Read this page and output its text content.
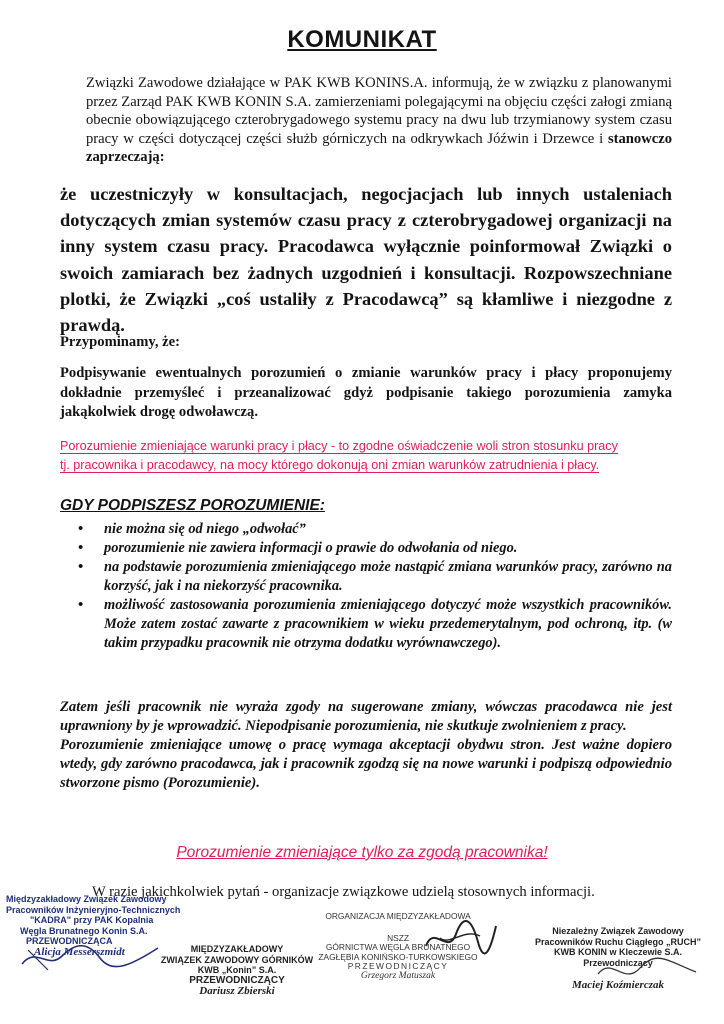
KOMUNIKAT
Związki Zawodowe działające w PAK KWB KONINS.A. informują, że w związku z planowanymi przez Zarząd PAK KWB KONIN S.A. zamierzeniami polegającymi na objęciu części załogi zmianą obecnie obowiązującego czterobrygadowego systemu pracy na dwu lub trzymianowy system czasu pracy w części dotyczącej części służb górniczych na odkrywkach Jóźwin i Drzewce i stanowczo zaprzeczają:
że uczestniczyły w konsultacjach, negocjacjach lub innych ustaleniach dotyczących zmian systemów czasu pracy z czterobrygadowej organizacji na inny system czasu pracy. Pracodawca wyłącznie poinformował Związki o swoich zamiarach bez żadnych uzgodnień i konsultacji. Rozpowszechniane plotki, że Związki „coś ustaliły z Pracodawcą” są kłamliwe i niezgodne z prawdą.
Przypominamy, że:
Podpisywanie ewentualnych porozumień o zmianie warunków pracy i płacy proponujemy dokładnie przemyśleć i przeanalizować gdyż podpisanie takiego porozumienia zamyka jakąkolwiek drogę odwoławczą.
Porozumienie zmieniające warunki pracy i płacy - to zgodne oświadczenie woli stron stosunku pracy
tj. pracownika i pracodawcy, na mocy którego dokonują oni zmian warunków zatrudnienia i płacy.
GDY PODPISZESZ POROZUMIENIE:
• nie można się od niego „odwołać”
• porozumienie nie zawiera informacji o prawie do odwołania od niego.
• na podstawie porozumienia zmieniającego może nastąpić zmiana warunków pracy, zarówno na korzyść, jak i na niekorzyść pracownika.
• możliwość zastosowania porozumienia zmieniającego dotyczyć może wszystkich pracowników. Może zatem zostać zawarte z pracownikiem w wieku przedemerytalnym, pod ochroną, itp. (w takim przypadku pracownik nie otrzyma dodatku wyrównawczego).

Zatem jeśli pracownik nie wyraża zgody na sugerowane zmiany, wówczas pracodawca nie jest uprawniony by je wprowadzić. Niepodpisanie porozumienia, nie skutkuje zwolnieniem z pracy.

Porozumienie zmieniające umowę o pracę wymaga akceptacji obydwu stron. Jest ważne dopiero wtedy, gdy zarówno pracodawca, jak i pracownik zgodzą się na nowe warunki i podpiszą odpowiednio stworzone pismo (Porozumienie).

Porozumienie zmieniające tylko za zgodą pracownika!
W razie jakichkolwiek pytań - organizacje związkowe udzielą stosownych informacji.
Międzyzakładowy Związek Zawodowy
Pracowników Inżynieryjno-Technicznych
"KADRA" przy PAK Kopalnia
Węgla Brunatnego Konin S.A.
PRZEWODNICZĄCA
Alicja Messerszmidt	MIĘDZYZAKŁADOWY
ZWIĄZEK ZAWODOWY GÓRNIKÓW
KWB „Konin” S.A.
PRZEWODNICZĄCY
Dariusz Zbierski
ORGANIZACJA MIĘDZYZAKŁADOWA
NSZZ
GÓRNICTWA WĘGLA BRUNATNEGO
ZAGŁĘBIA KONIŃSKO-TURKOWSKIEGO
PRZEWODNICZĄCY
Grzegorz Matuszak
Niezależny Związek Zawodowy
Pracowników Ruchu Ciągłego „RUCH”
KWB KONIN w Kleczewie S.A.
Przewodniczący
Maciej Koźmierczak
